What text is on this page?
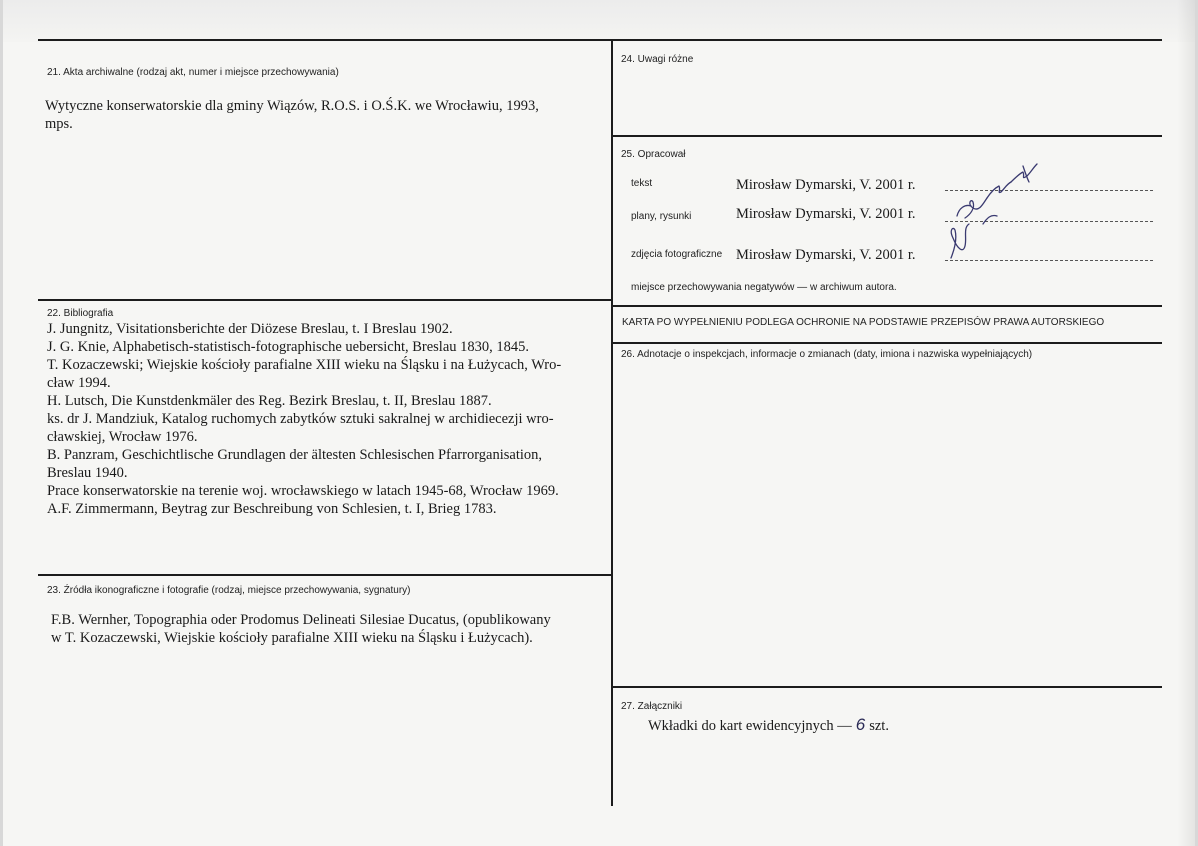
21. Akta archiwalne (rodzaj akt, numer i miejsce przechowywania)
Wytyczne konserwatorskie dla gminy Wiązów, R.O.S. i O.Ś.K. we Wrocławiu, 1993,
mps.
22. Bibliografia
J. Jungnitz, Visitationsberichte der Diözese Breslau, t. I Breslau 1902.
J. G. Knie, Alphabetisch-statistisch-fotographische uebersicht, Breslau 1830, 1845.
T. Kozaczewski; Wiejskie kościoły parafialne XIII wieku na Śląsku i na Łużycach, Wro-
cław 1994.
H. Lutsch, Die Kunstdenkmäler des Reg. Bezirk Breslau, t. II, Breslau 1887.
ks. dr J. Mandziuk, Katalog ruchomych zabytków sztuki sakralnej w archidiecezji wro-
cławskiej, Wrocław 1976.
B. Panzram, Geschichtlische Grundlagen der ältesten Schlesischen Pfarrorganisation,
Breslau 1940.
Prace konserwatorskie na terenie woj. wrocławskiego w latach 1945-68, Wrocław 1969.
A.F. Zimmermann, Beytrag zur Beschreibung von Schlesien, t. I, Brieg 1783.
23. Źródła ikonograficzne i fotografie (rodzaj, miejsce przechowywania, sygnatury)
F.B. Wernher, Topographia oder Prodomus Delineati Silesiae Ducatus, (opublikowany
w T. Kozaczewski, Wiejskie kościoły parafialne XIII wieku na Śląsku i Łużycach).
24. Uwagi różne
25. Opracował
tekst	Mirosław Dymarski, V. 2001 r.
plany, rysunki	Mirosław Dymarski, V. 2001 r.
zdjęcia fotograficzne Mirosław Dymarski, V. 2001 r.
miejsce przechowywania negatywów — w archiwum autora.
KARTA PO WYPEŁNIENIU PODLEGA OCHRONIE NA PODSTAWIE PRZEPISÓW PRAWA AUTORSKIEGO
26. Adnotacje o inspekcjach, informacje o zmianach (daty, imiona i nazwiska wypełniających)
27. Załączniki
Wkładki do kart ewidencyjnych — 6 szt.
